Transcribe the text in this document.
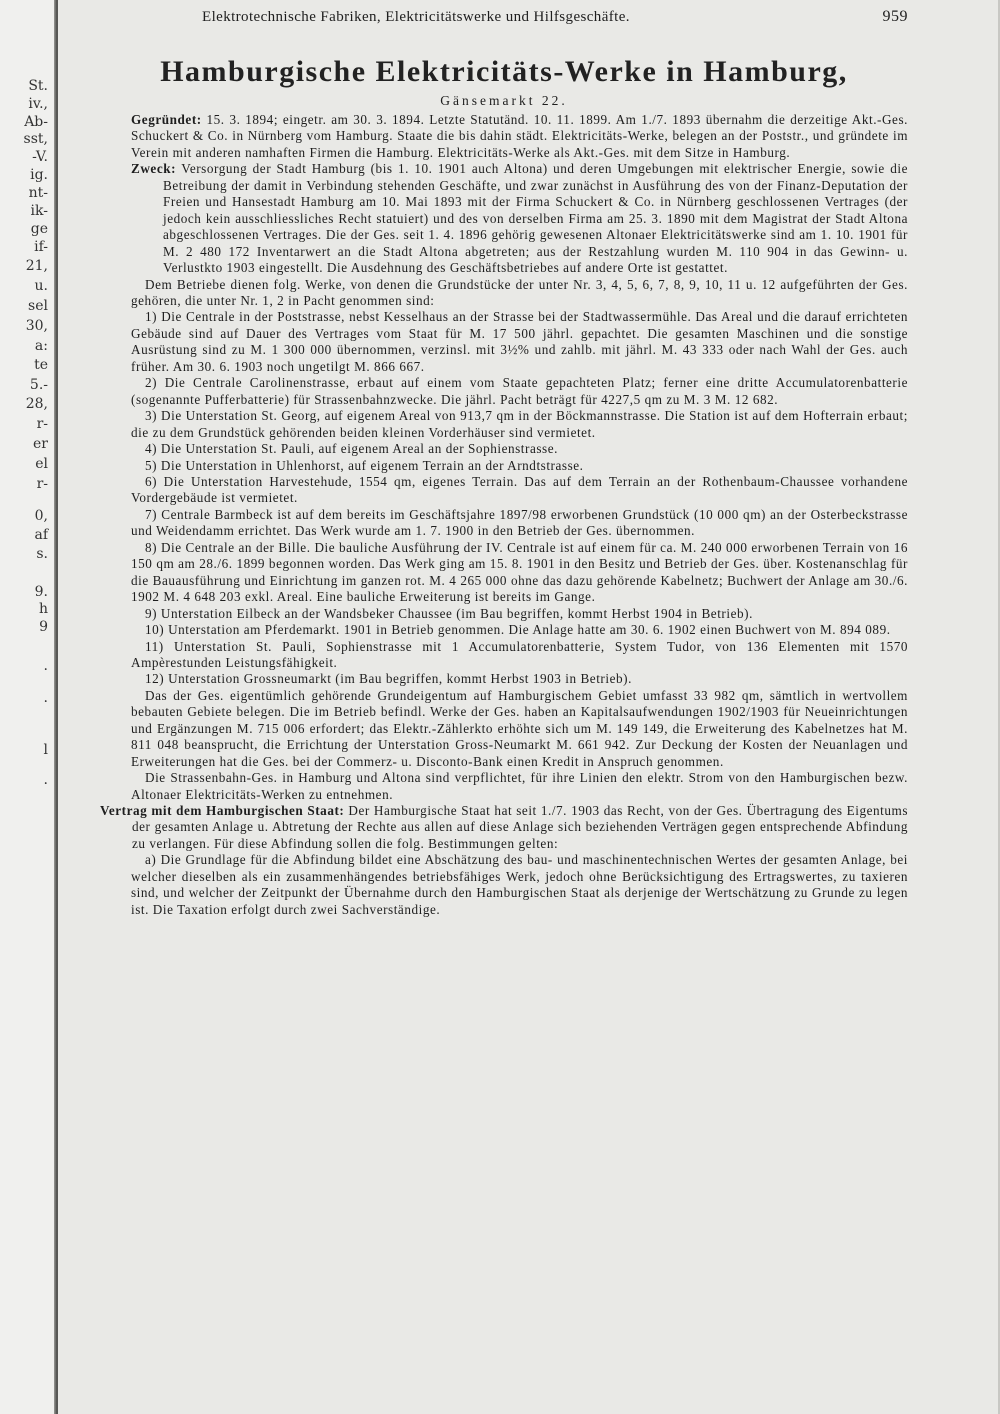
St.
iv.,
Ab-
sst,
-V.
ig.
nt-
ik-
ge
if-
21,
u.
sel
30,
a:
te
5.-
28,
r-
er
el
r-
0,
af
s.
9.
h
9
.
.
l
.
Elektrotechnische Fabriken, Elektricitätswerke und Hilfsgeschäfte.	959
Hamburgische Elektricitäts-Werke in Hamburg,
Gänsemarkt 22.

Gegründet: 15. 3. 1894; eingetr. am 30. 3. 1894. Letzte Statutänd. 10. 11. 1899. Am 1./7. 1893 übernahm die derzeitige Akt.-Ges. Schuckert & Co. in Nürnberg vom Hamburg. Staate die bis dahin städt. Elektricitäts-Werke, belegen an der Poststr., und gründete im Verein mit anderen namhaften Firmen die Hamburg. Elektricitäts-Werke als Akt.-Ges. mit dem Sitze in Hamburg.

Zweck: Versorgung der Stadt Hamburg (bis 1. 10. 1901 auch Altona) und deren Umgebungen mit elektrischer Energie, sowie die Betreibung der damit in Verbindung stehenden Geschäfte, und zwar zunächst in Ausführung des von der Finanz-Deputation der Freien und Hansestadt Hamburg am 10. Mai 1893 mit der Firma Schuckert & Co. in Nürnberg geschlossenen Vertrages (der jedoch kein ausschliessliches Recht statuiert) und des von derselben Firma am 25. 3. 1890 mit dem Magistrat der Stadt Altona abgeschlossenen Vertrages. Die der Ges. seit 1. 4. 1896 gehörig gewesenen Altonaer Elektricitätswerke sind am 1. 10. 1901 für M. 2 480 172 Inventarwert an die Stadt Altona abgetreten; aus der Restzahlung wurden M. 110 904 in das Gewinn- u. Verlustkto 1903 eingestellt. Die Ausdehnung des Geschäftsbetriebes auf andere Orte ist gestattet.

Dem Betriebe dienen folg. Werke, von denen die Grundstücke der unter Nr. 3, 4, 5, 6, 7, 8, 9, 10, 11 u. 12 aufgeführten der Ges. gehören, die unter Nr. 1, 2 in Pacht genommen sind:

1) Die Centrale in der Poststrasse, nebst Kesselhaus an der Strasse bei der Stadtwassermühle. Das Areal und die darauf errichteten Gebäude sind auf Dauer des Vertrages vom Staat für M. 17 500 jährl. gepachtet. Die gesamten Maschinen und die sonstige Ausrüstung sind zu M. 1 300 000 übernommen, verzinsl. mit 3½% und zahlb. mit jährl. M. 43 333 oder nach Wahl der Ges. auch früher. Am 30. 6. 1903 noch ungetilgt M. 866 667.

2) Die Centrale Carolinenstrasse, erbaut auf einem vom Staate gepachteten Platz; ferner eine dritte Accumulatorenbatterie (sogenannte Pufferbatterie) für Strassenbahnzwecke. Die jährl. Pacht beträgt für 4227,5 qm zu M. 3 M. 12 682.

3) Die Unterstation St. Georg, auf eigenem Areal von 913,7 qm in der Böckmannstrasse. Die Station ist auf dem Hofterrain erbaut; die zu dem Grundstück gehörenden beiden kleinen Vorderhäuser sind vermietet.

4) Die Unterstation St. Pauli, auf eigenem Areal an der Sophienstrasse.

5) Die Unterstation in Uhlenhorst, auf eigenem Terrain an der Arndtstrasse.

6) Die Unterstation Harvestehude, 1554 qm, eigenes Terrain. Das auf dem Terrain an der Rothenbaum-Chaussee vorhandene Vordergebäude ist vermietet.

7) Centrale Barmbeck ist auf dem bereits im Geschäftsjahre 1897/98 erworbenen Grundstück (10 000 qm) an der Osterbeckstrasse und Weidendamm errichtet. Das Werk wurde am 1. 7. 1900 in den Betrieb der Ges. übernommen.

8) Die Centrale an der Bille. Die bauliche Ausführung der IV. Centrale ist auf einem für ca. M. 240 000 erworbenen Terrain von 16 150 qm am 28./6. 1899 begonnen worden. Das Werk ging am 15. 8. 1901 in den Besitz und Betrieb der Ges. über. Kostenanschlag für die Bauausführung und Einrichtung im ganzen rot. M. 4 265 000 ohne das dazu gehörende Kabelnetz; Buchwert der Anlage am 30./6. 1902 M. 4 648 203 exkl. Areal. Eine bauliche Erweiterung ist bereits im Gange.

9) Unterstation Eilbeck an der Wandsbeker Chaussee (im Bau begriffen, kommt Herbst 1904 in Betrieb).

10) Unterstation am Pferdemarkt. 1901 in Betrieb genommen. Die Anlage hatte am 30. 6. 1902 einen Buchwert von M. 894 089.

11) Unterstation St. Pauli, Sophienstrasse mit 1 Accumulatorenbatterie, System Tudor, von 136 Elementen mit 1570 Ampèrestunden Leistungsfähigkeit.

12) Unterstation Grossneumarkt (im Bau begriffen, kommt Herbst 1903 in Betrieb).

Das der Ges. eigentümlich gehörende Grundeigentum auf Hamburgischem Gebiet umfasst 33 982 qm, sämtlich in wertvollem bebauten Gebiete belegen. Die im Betrieb befindl. Werke der Ges. haben an Kapitalsaufwendungen 1902/1903 für Neueinrichtungen und Ergänzungen M. 715 006 erfordert; das Elektr.-Zählerkto erhöhte sich um M. 149 149, die Erweiterung des Kabelnetzes hat M. 811 048 beansprucht, die Errichtung der Unterstation Gross-Neumarkt M. 661 942. Zur Deckung der Kosten der Neuanlagen und Erweiterungen hat die Ges. bei der Commerz- u. Disconto-Bank einen Kredit in Anspruch genommen.

Die Strassenbahn-Ges. in Hamburg und Altona sind verpflichtet, für ihre Linien den elektr. Strom von den Hamburgischen bezw. Altonaer Elektricitäts-Werken zu entnehmen.

Vertrag mit dem Hamburgischen Staat: Der Hamburgische Staat hat seit 1./7. 1903 das Recht, von der Ges. Übertragung des Eigentums der gesamten Anlage u. Abtretung der Rechte aus allen auf diese Anlage sich beziehenden Verträgen gegen entsprechende Abfindung zu verlangen. Für diese Abfindung sollen die folg. Bestimmungen gelten:

a) Die Grundlage für die Abfindung bildet eine Abschätzung des bau- und maschinentechnischen Wertes der gesamten Anlage, bei welcher dieselben als ein zusammenhängendes betriebsfähiges Werk, jedoch ohne Berücksichtigung des Ertragswertes, zu taxieren sind, und welcher der Zeitpunkt der Übernahme durch den Hamburgischen Staat als derjenige der Wertschätzung zu Grunde zu legen ist. Die Taxation erfolgt durch zwei Sachverständige.
